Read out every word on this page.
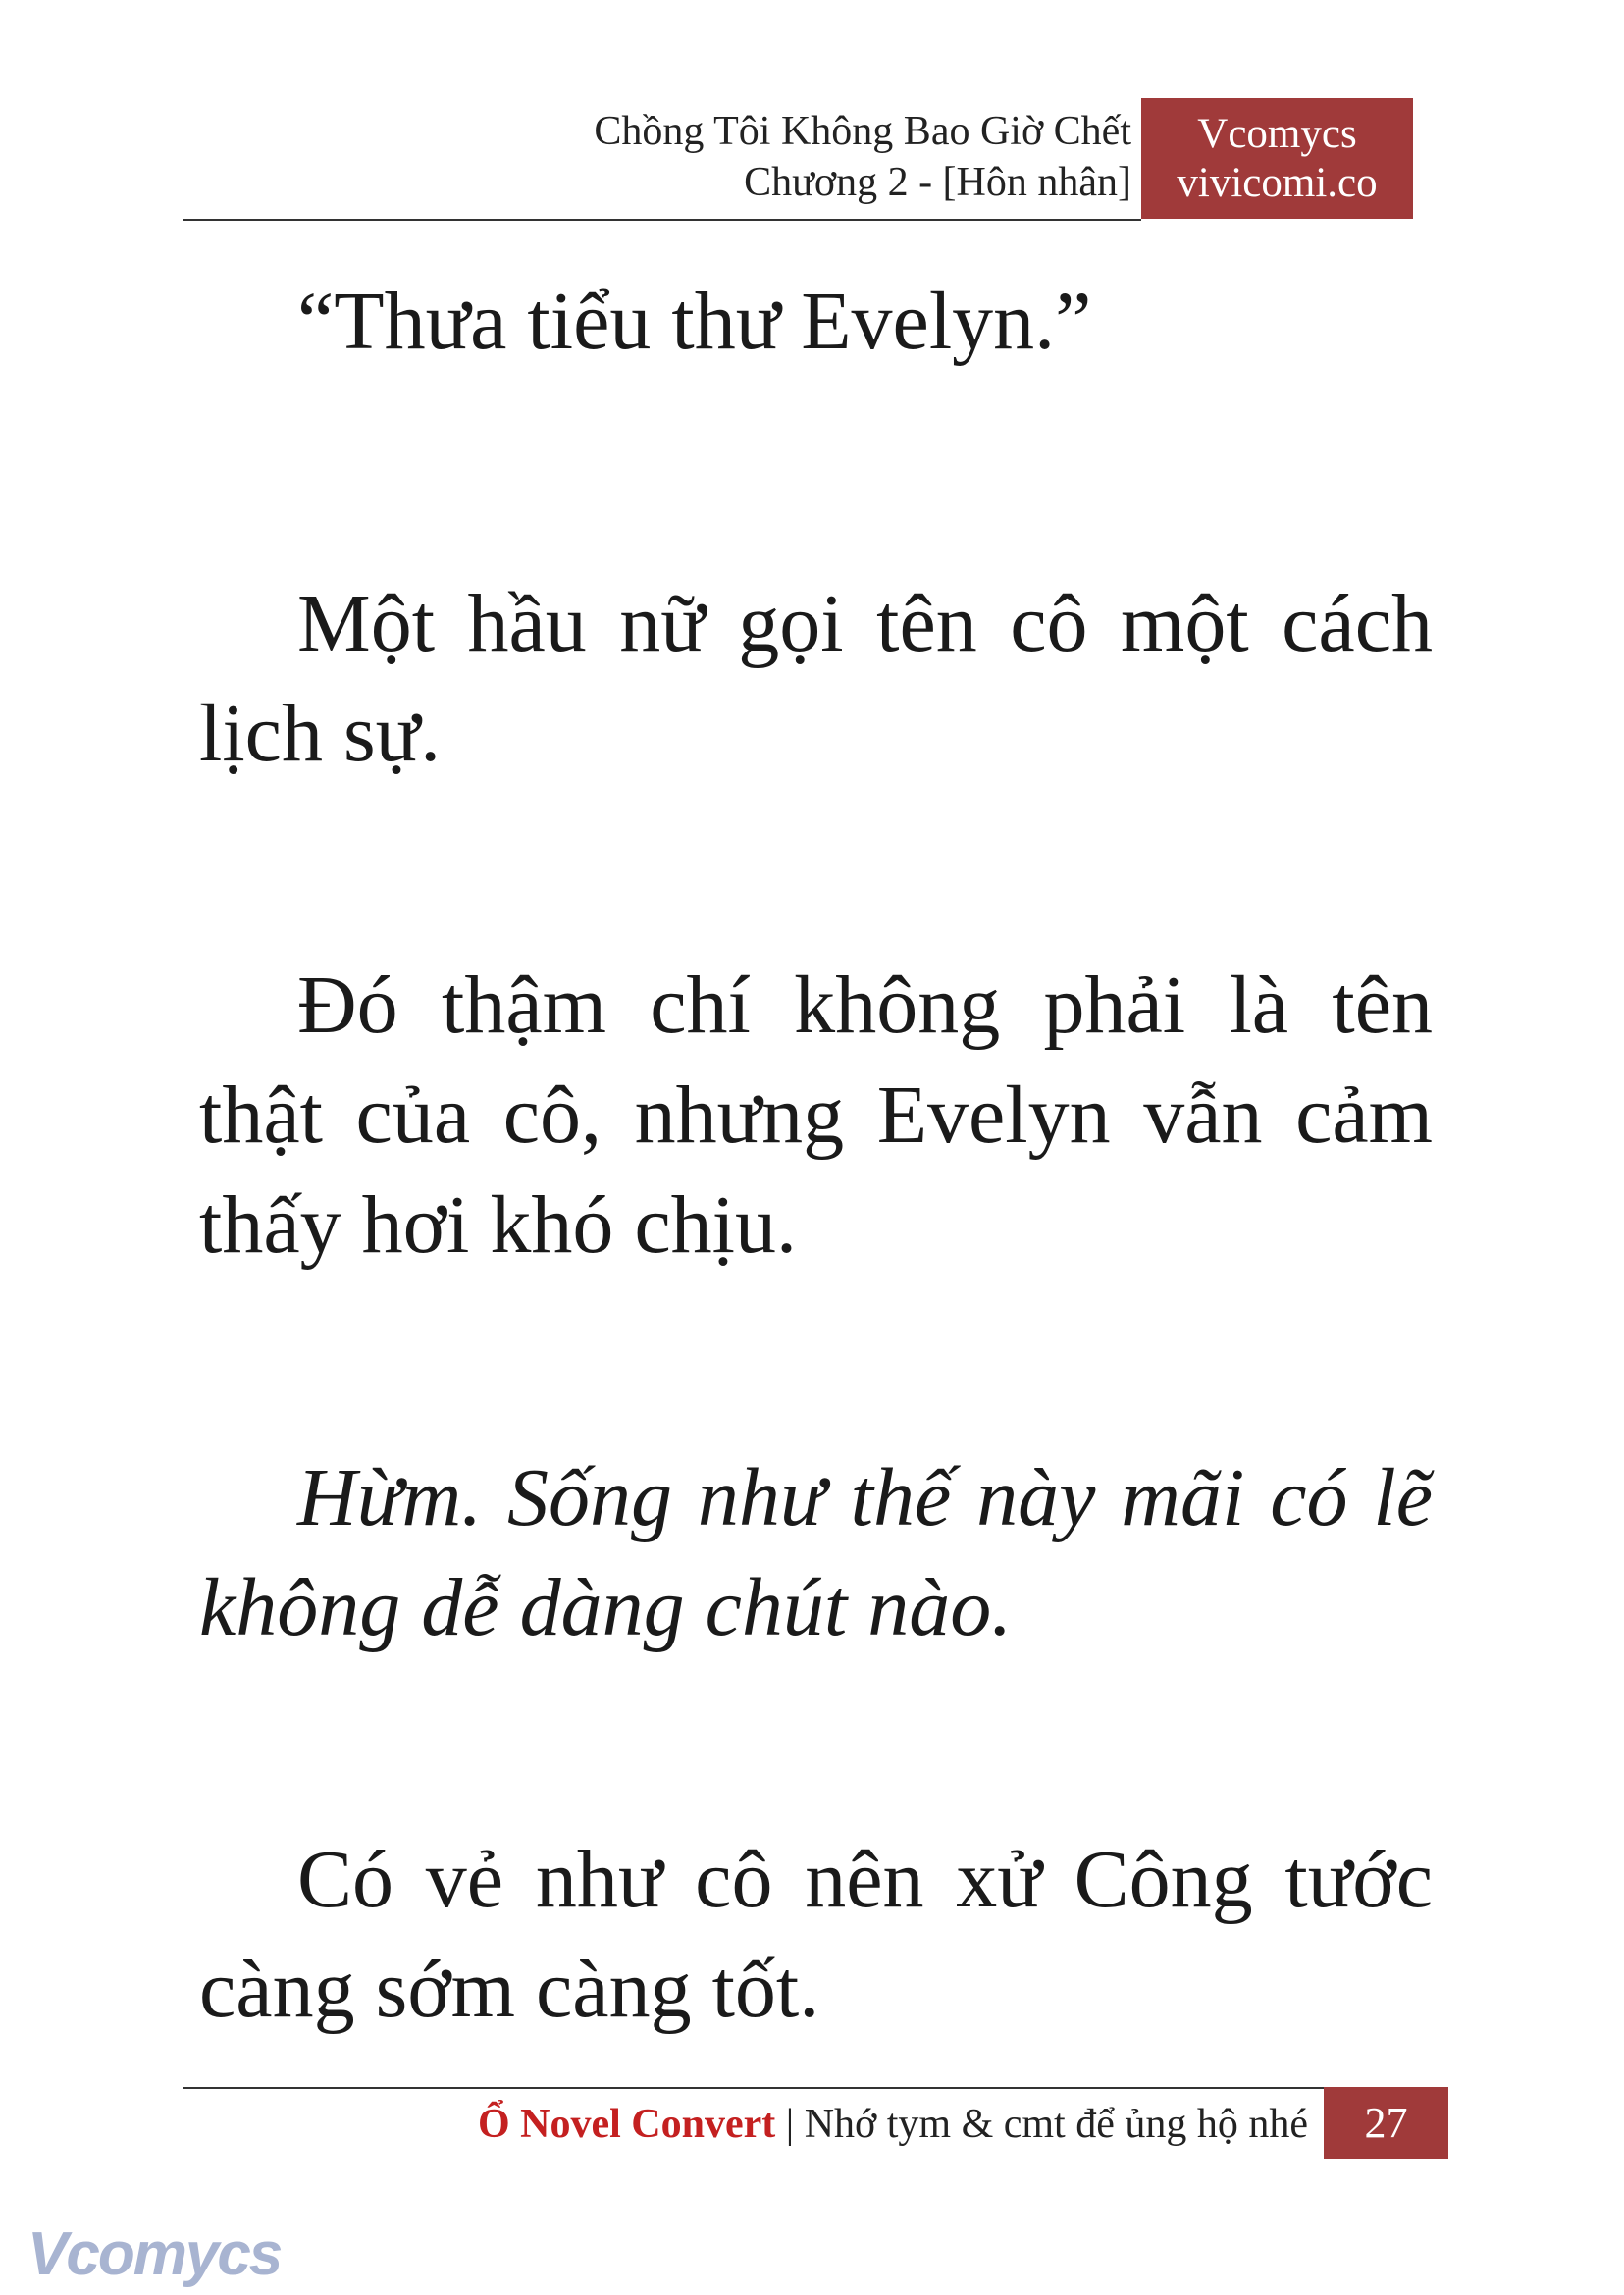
Chồng Tôi Không Bao Giờ Chết
Chương 2 - [Hôn nhân]
Vcomycs
vivicomi.co

“Thưa tiểu thư Evelyn.”

Một hầu nữ gọi tên cô một cách lịch sự.

Đó thậm chí không phải là tên thật của cô, nhưng Evelyn vẫn cảm thấy hơi khó chịu.

Hừm. Sống như thế này mãi có lẽ không dễ dàng chút nào.

Có vẻ như cô nên xử Công tước càng sớm càng tốt.

Ổ Novel Convert | Nhớ tym & cmt để ủng hộ nhé	27
Vcomycs
